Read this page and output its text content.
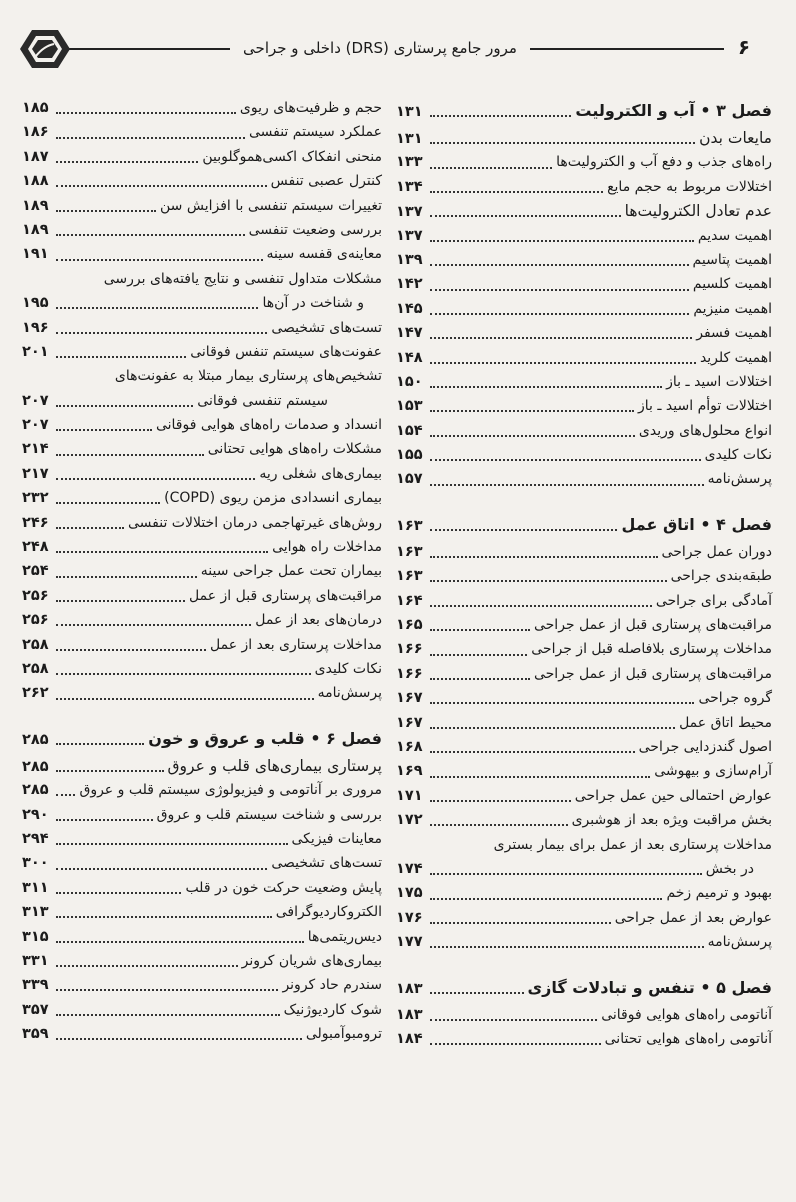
مرور جامع پرستاری (DRS) داخلی و جراحی	۶
فصل ۳ • آب و الکترولیت
۱۳۱
مایعات بدن
۱۳۱
راه‌های جذب و دفع آب و الکترولیت‌ها
۱۳۳
اختلالات مربوط به حجم مایع
۱۳۴
عدم تعادل الکترولیت‌ها
۱۳۷
اهمیت سدیم
۱۳۷
اهمیت پتاسیم
۱۳۹
اهمیت کلسیم
۱۴۲
اهمیت منیزیم
۱۴۵
اهمیت فسفر
۱۴۷
اهمیت کلرید
۱۴۸
اختلالات اسید ـ باز
۱۵۰
اختلالات توأم اسید ـ باز
۱۵۳
انواع محلول‌های وریدی
۱۵۴
نکات کلیدی
۱۵۵
پرسش‌نامه
۱۵۷
فصل ۴ • اتاق عمل
۱۶۳
دوران عمل جراحی
۱۶۳
طبقه‌بندی جراحی
۱۶۳
آمادگی برای جراحی
۱۶۴
مراقبت‌های پرستاری قبل از عمل جراحی
۱۶۵
مداخلات پرستاری بلافاصله قبل از جراحی
۱۶۶
مراقبت‌های پرستاری قبل از عمل جراحی
۱۶۶
گروه جراحی
۱۶۷
محیط اتاق عمل
۱۶۷
اصول گندزدایی جراحی
۱۶۸
آرام‌سازی و بیهوشی
۱۶۹
عوارض احتمالی حین عمل جراحی
۱۷۱
بخش مراقبت ویژه بعد از هوشبری
۱۷۲
مداخلات پرستاری بعد از عمل برای بیمار بستری
در بخش
۱۷۴
بهبود و ترمیم زخم
۱۷۵
عوارض بعد از عمل جراحی
۱۷۶
پرسش‌نامه
۱۷۷
فصل ۵ • تنفس و تبادلات گازی
۱۸۳
آناتومی راه‌های هوایی فوقانی
۱۸۳
آناتومی راه‌های هوایی تحتانی
۱۸۴
حجم و ظرفیت‌های ریوی
۱۸۵
عملکرد سیستم تنفسی
۱۸۶
منحنی انفکاک اکسی‌هموگلوبین
۱۸۷
کنترل عصبی تنفس
۱۸۸
تغییرات سیستم تنفسی با افزایش سن
۱۸۹
بررسی وضعیت تنفسی
۱۸۹
معاینه‌ی قفسه سینه
۱۹۱
مشکلات متداول تنفسی و نتایج یافته‌های بررسی
و شناخت در آن‌ها
۱۹۵
تست‌های تشخیصی
۱۹۶
عفونت‌های سیستم تنفس فوقانی
۲۰۱
تشخیص‌های پرستاری بیمار مبتلا به عفونت‌های
سیستم تنفسی فوقانی
۲۰۷
انسداد و صدمات راه‌های هوایی فوقانی
۲۰۷
مشکلات راه‌های هوایی تحتانی
۲۱۴
بیماری‌های شغلی ریه
۲۱۷
بیماری انسدادی مزمن ریوی (COPD)
۲۳۲
روش‌های غیرتهاجمی درمان اختلالات تنفسی
۲۴۶
مداخلات راه هوایی
۲۴۸
بیماران تحت عمل جراحی سینه
۲۵۴
مراقبت‌های پرستاری قبل از عمل
۲۵۶
درمان‌های بعد از عمل
۲۵۶
مداخلات پرستاری بعد از عمل
۲۵۸
نکات کلیدی
۲۵۸
پرسش‌نامه
۲۶۲
فصل ۶ • قلب و عروق و خون
۲۸۵
پرستاری بیماری‌های قلب و عروق
۲۸۵
مروری بر آناتومی و فیزیولوژی سیستم قلب و عروق
۲۸۵
بررسی و شناخت سیستم قلب و عروق
۲۹۰
معاینات فیزیکی
۲۹۴
تست‌های تشخیصی
۳۰۰
پایش وضعیت حرکت خون در قلب
۳۱۱
الکتروکاردیوگرافی
۳۱۳
دیس‌ریتمی‌ها
۳۱۵
بیماری‌های شریان کرونر
۳۳۱
سندرم حاد کرونر
۳۳۹
شوک کاردیوژنیک
۳۵۷
ترومبوآمبولی
۳۵۹
